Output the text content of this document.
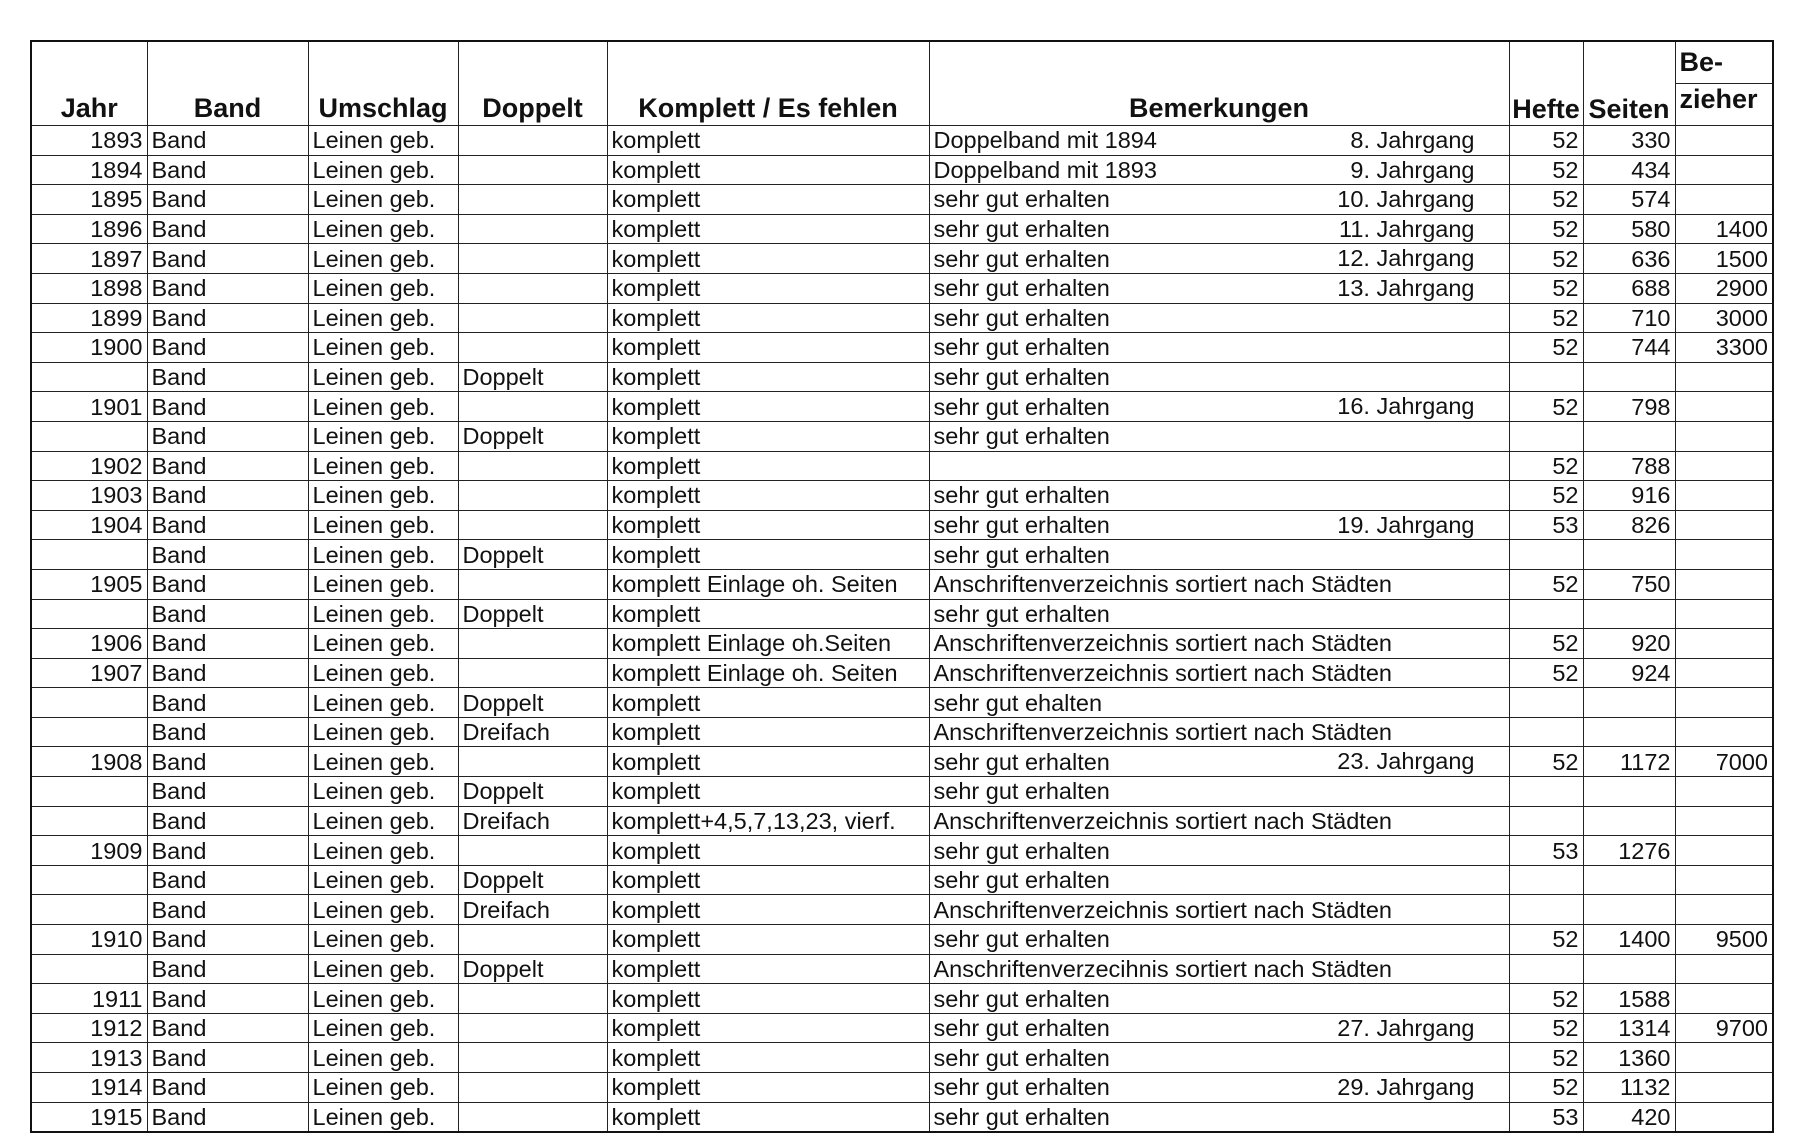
Jahr	Band	Umschlag	Doppelt	Komplett / Es fehlen	Bemerkungen	Hefte	Seiten	Be-
								zieher
1893	Band	Leinen geb.		komplett	Doppelband mit 1894 8. Jahrgang	52	330	
1894	Band	Leinen geb.		komplett	Doppelband mit 1893 9. Jahrgang	52	434	
1895	Band	Leinen geb.		komplett	sehr gut erhalten 10. Jahrgang	52	574	
1896	Band	Leinen geb.		komplett	sehr gut erhalten 11. Jahrgang	52	580	1400
1897	Band	Leinen geb.		komplett	sehr gut erhalten 12. Jahrgang	52	636	1500
1898	Band	Leinen geb.		komplett	sehr gut erhalten 13. Jahrgang	52	688	2900
1899	Band	Leinen geb.		komplett	sehr gut erhalten	52	710	3000
1900	Band	Leinen geb.		komplett	sehr gut erhalten	52	744	3300
	Band	Leinen geb.	Doppelt	komplett	sehr gut erhalten

1901	Band	Leinen geb.		komplett	sehr gut erhalten 16. Jahrgang	52	798	
	Band	Leinen geb.	Doppelt	komplett	sehr gut erhalten

1902	Band	Leinen geb.		komplett		52	788	
1903	Band	Leinen geb.		komplett	sehr gut erhalten	52	916	
1904	Band	Leinen geb.		komplett	sehr gut erhalten 19. Jahrgang	53	826	
	Band	Leinen geb.	Doppelt	komplett	sehr gut erhalten

1905	Band	Leinen geb.		komplett Einlage oh. Seiten	Anschriftenverzeichnis sortiert nach Städten	52	750	
	Band	Leinen geb.	Doppelt	komplett	sehr gut erhalten

1906	Band	Leinen geb.		komplett Einlage oh.Seiten	Anschriftenverzeichnis sortiert nach Städten	52	920	
1907	Band	Leinen geb.		komplett Einlage oh. Seiten	Anschriftenverzeichnis sortiert nach Städten	52	924	
	Band	Leinen geb.	Doppelt	komplett	sehr gut ehalten

	Band	Leinen geb.	Dreifach	komplett	Anschriftenverzeichnis sortiert nach Städten

1908	Band	Leinen geb.		komplett	sehr gut erhalten 23. Jahrgang	52	1172	7000
	Band	Leinen geb.	Doppelt	komplett	sehr gut erhalten

	Band	Leinen geb.	Dreifach	komplett+4,5,7,13,23, vierf.	Anschriftenverzeichnis sortiert nach Städten

1909	Band	Leinen geb.		komplett	sehr gut erhalten	53	1276	
	Band	Leinen geb.	Doppelt	komplett	sehr gut erhalten

	Band	Leinen geb.	Dreifach	komplett	Anschriftenverzeichnis sortiert nach Städten

1910	Band	Leinen geb.		komplett	sehr gut erhalten	52	1400	9500
	Band	Leinen geb.	Doppelt	komplett	Anschriftenverzecihnis sortiert nach Städten

1911	Band	Leinen geb.		komplett	sehr gut erhalten	52	1588	
1912	Band	Leinen geb.		komplett	sehr gut erhalten 27. Jahrgang	52	1314	9700
1913	Band	Leinen geb.		komplett	sehr gut erhalten	52	1360	
1914	Band	Leinen geb.		komplett	sehr gut erhalten 29. Jahrgang	52	1132	
1915	Band	Leinen geb.		komplett	sehr gut erhalten	53	420	
